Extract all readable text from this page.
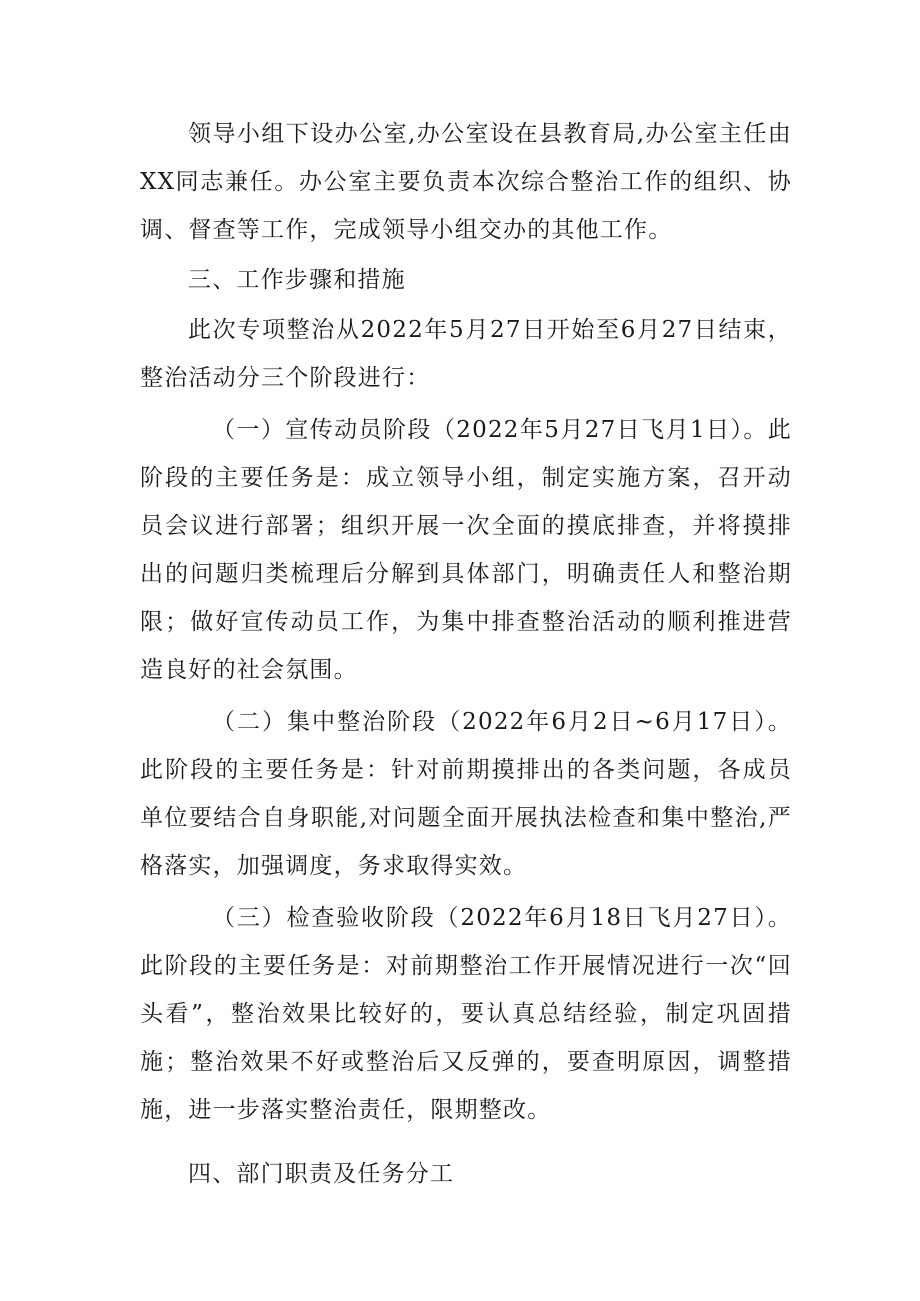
领导小组下设办公室,办公室设在县教育局,办公室主任由XX同志兼任。办公室主要负责本次综合整治工作的组织、协调、督查等工作，完成领导小组交办的其他工作。

三、工作步骤和措施

此次专项整治从2022年5月27日开始至6月27日结束，整治活动分三个阶段进行：

（一）宣传动员阶段（2022年5月27日飞月1日）。此阶段的主要任务是：成立领导小组，制定实施方案，召开动员会议进行部署；组织开展一次全面的摸底排查，并将摸排出的问题归类梳理后分解到具体部门，明确责任人和整治期限；做好宣传动员工作，为集中排查整治活动的顺利推进营造良好的社会氛围。

（二）集中整治阶段（2022年6月2日~6月17日）。此阶段的主要任务是：针对前期摸排出的各类问题，各成员单位要结合自身职能,对问题全面开展执法检查和集中整治,严格落实，加强调度，务求取得实效。

（三）检查验收阶段（2022年6月18日飞月27日）。此阶段的主要任务是：对前期整治工作开展情况进行一次“回头看”，整治效果比较好的，要认真总结经验，制定巩固措施；整治效果不好或整治后又反弹的，要查明原因，调整措施，进一步落实整治责任，限期整改。

四、部门职责及任务分工
